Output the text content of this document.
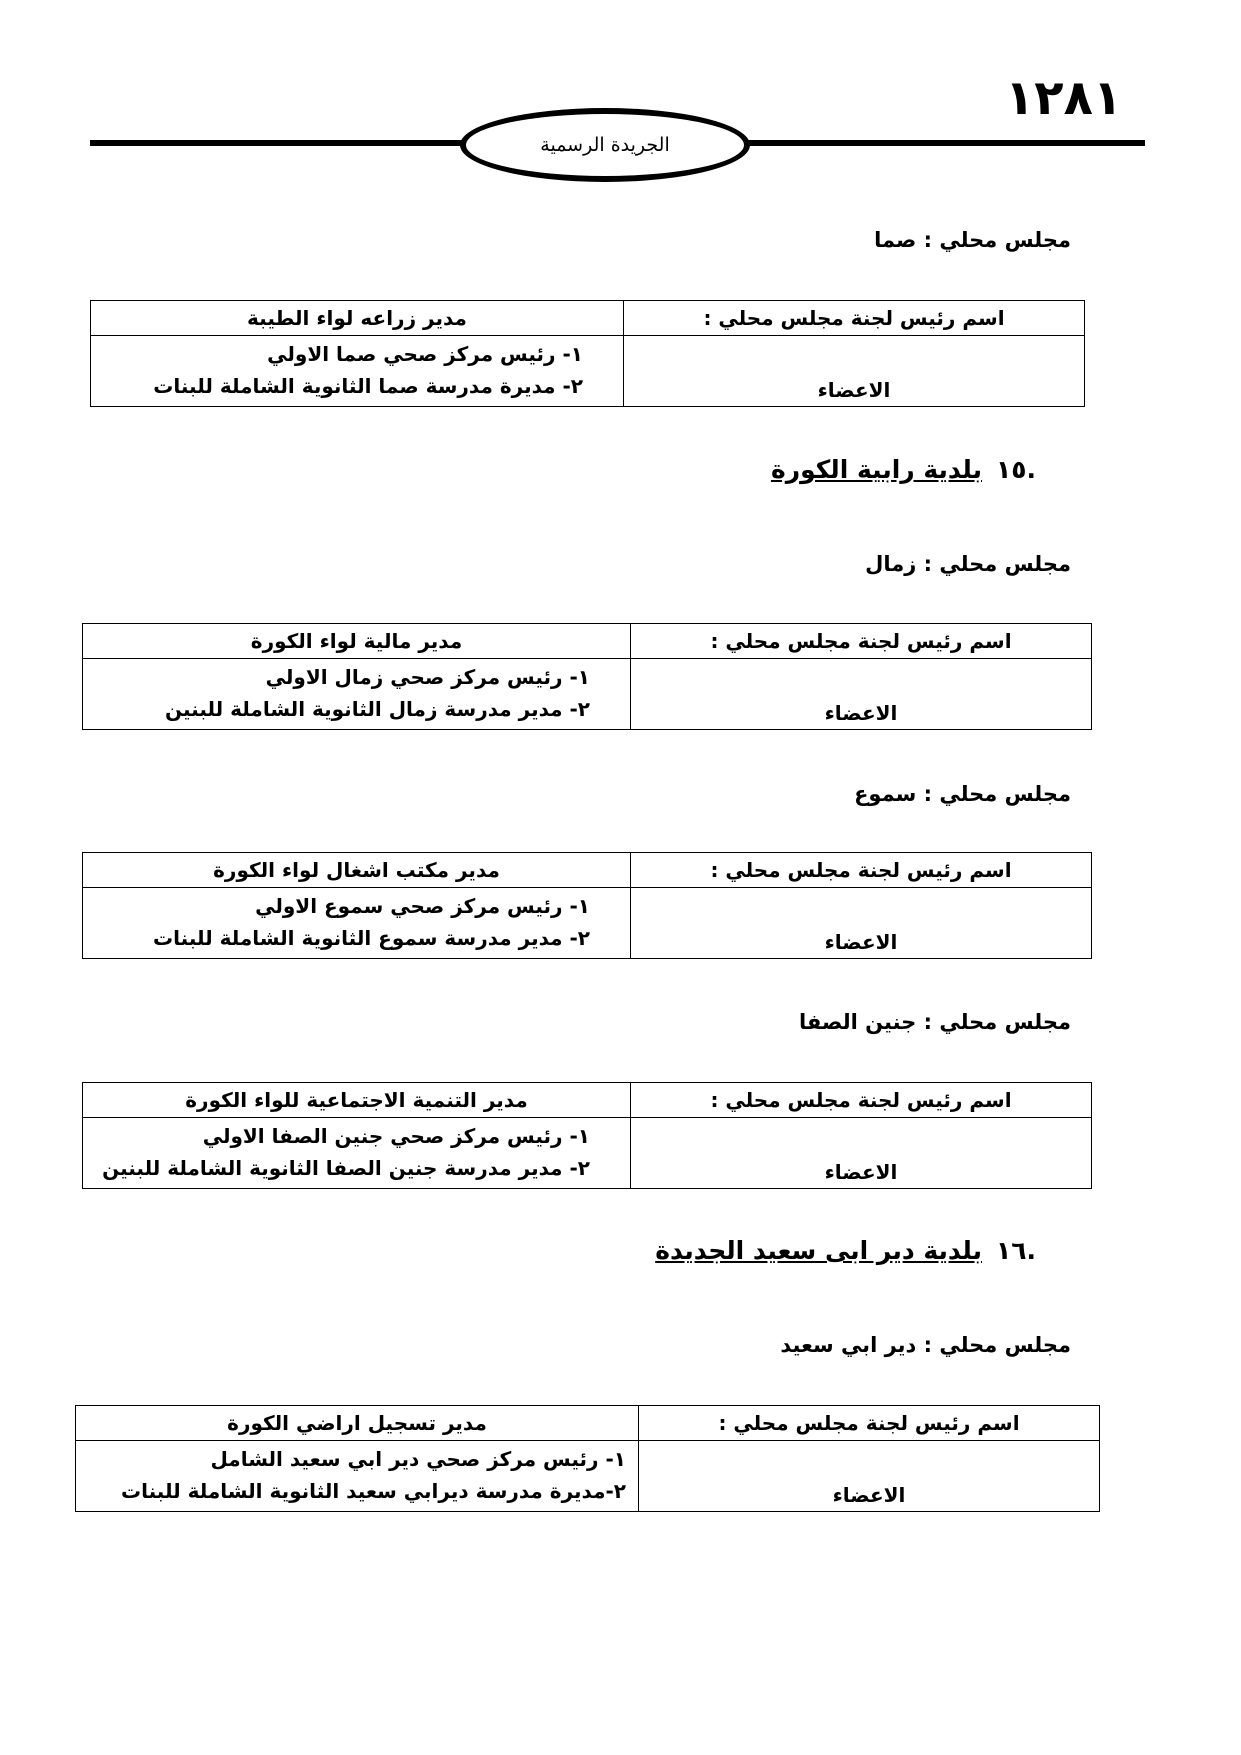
١٢٨١
الجريدة الرسمية
مجلس محلي : صما
اسم رئيس لجنة مجلس محلي :	مدير زراعه لواء الطيبة
الاعضاء	١- رئيس مركز صحي صما الاولي
٢- مديرة مدرسة صما الثانوية الشاملة للبنات
.١٥بلدية رابية الكورة
مجلس محلي : زمال
اسم رئيس لجنة مجلس محلي :	مدير مالية لواء الكورة
الاعضاء	١- رئيس مركز صحي زمال الاولي
٢- مدير مدرسة زمال الثانوية الشاملة للبنين
مجلس محلي : سموع
اسم رئيس لجنة مجلس محلي :	مدير مكتب اشغال لواء الكورة
الاعضاء	١- رئيس مركز صحي سموع الاولي
٢- مدير مدرسة سموع الثانوية الشاملة للبنات
مجلس محلي : جنين الصفا
اسم رئيس لجنة مجلس محلي :	مدير التنمية الاجتماعية للواء الكورة
الاعضاء	١- رئيس مركز صحي جنين الصفا الاولي
٢- مدير مدرسة جنين الصفا الثانوية الشاملة للبنين
.١٦بلدية دير ابى سعيد الجديدة
مجلس محلي : دير ابي سعيد
اسم رئيس لجنة مجلس محلي :	مدير تسجيل اراضي الكورة
الاعضاء	١- رئيس مركز صحي دير ابي سعيد الشامل
٢-مديرة مدرسة ديرابي سعيد الثانوية الشاملة للبنات
